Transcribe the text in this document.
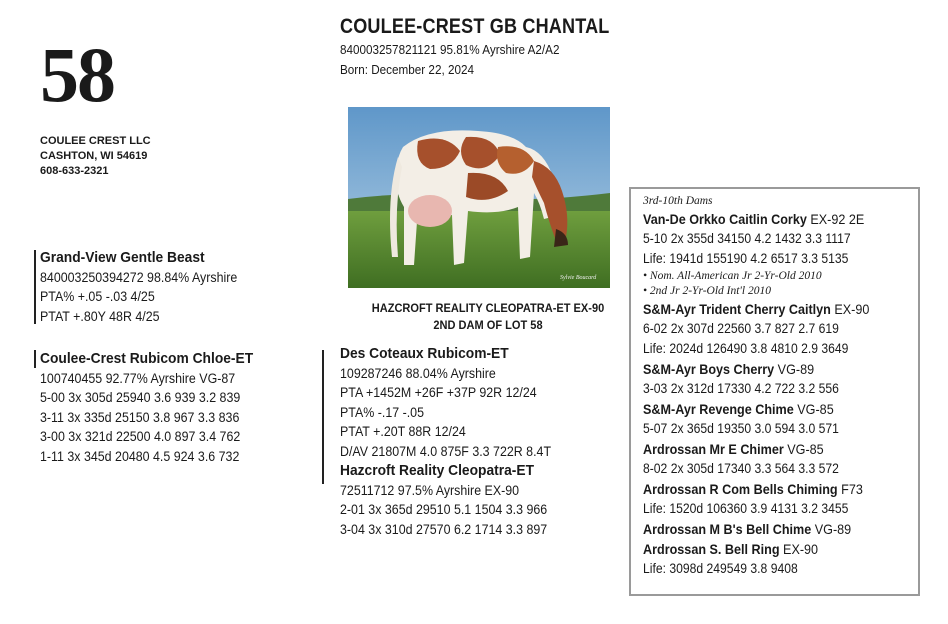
58
COULEE CREST LLC
CASHTON, WI 54619
608-633-2321
COULEE-CREST GB CHANTAL
840003257821121 95.81% Ayrshire A2/A2
Born: December 22, 2024
Sylvie Boucard
HAZCROFT REALITY CLEOPATRA-ET EX-90
2ND DAM OF LOT 58
Grand-View Gentle Beast
840003250394272 98.84% Ayrshire
PTA% +.05 -.03 4/25
PTAT +.80Y 48R 4/25
Coulee-Crest Rubicom Chloe-ET
100740455 92.77% Ayrshire VG-87
5-00 3x 305d 25940 3.6 939 3.2 839
3-11 3x 335d 25150 3.8 967 3.3 836
3-00 3x 321d 22500 4.0 897 3.4 762
1-11 3x 345d 20480 4.5 924 3.6 732
Des Coteaux Rubicom-ET
109287246 88.04% Ayrshire
PTA +1452M +26F +37P 92R 12/24
PTA% -.17 -.05
PTAT +.20T 88R 12/24
D/AV 21807M 4.0 875F 3.3 722R 8.4T
Hazcroft Reality Cleopatra-ET
72511712 97.5% Ayrshire EX-90
2-01 3x 365d 29510 5.1 1504 3.3 966
3-04 3x 310d 27570 6.2 1714 3.3 897
3rd-10th Dams
Van-De Orkko Caitlin Corky EX-92 2E
5-10 2x 355d 34150 4.2 1432 3.3 1117
Life: 1941d 155190 4.2 6517 3.3 5135
• Nom. All-American Jr 2-Yr-Old 2010
• 2nd Jr 2-Yr-Old Int'l 2010
S&M-Ayr Trident Cherry Caitlyn EX-90
6-02 2x 307d 22560 3.7 827 2.7 619
Life: 2024d 126490 3.8 4810 2.9 3649
S&M-Ayr Boys Cherry VG-89
3-03 2x 312d 17330 4.2 722 3.2 556
S&M-Ayr Revenge Chime VG-85
5-07 2x 365d 19350 3.0 594 3.0 571
Ardrossan Mr E Chimer VG-85
8-02 2x 305d 17340 3.3 564 3.3 572
Ardrossan R Com Bells Chiming F73
Life: 1520d 106360 3.9 4131 3.2 3455
Ardrossan M B's Bell Chime VG-89
Ardrossan S. Bell Ring EX-90
Life: 3098d 249549 3.8 9408
